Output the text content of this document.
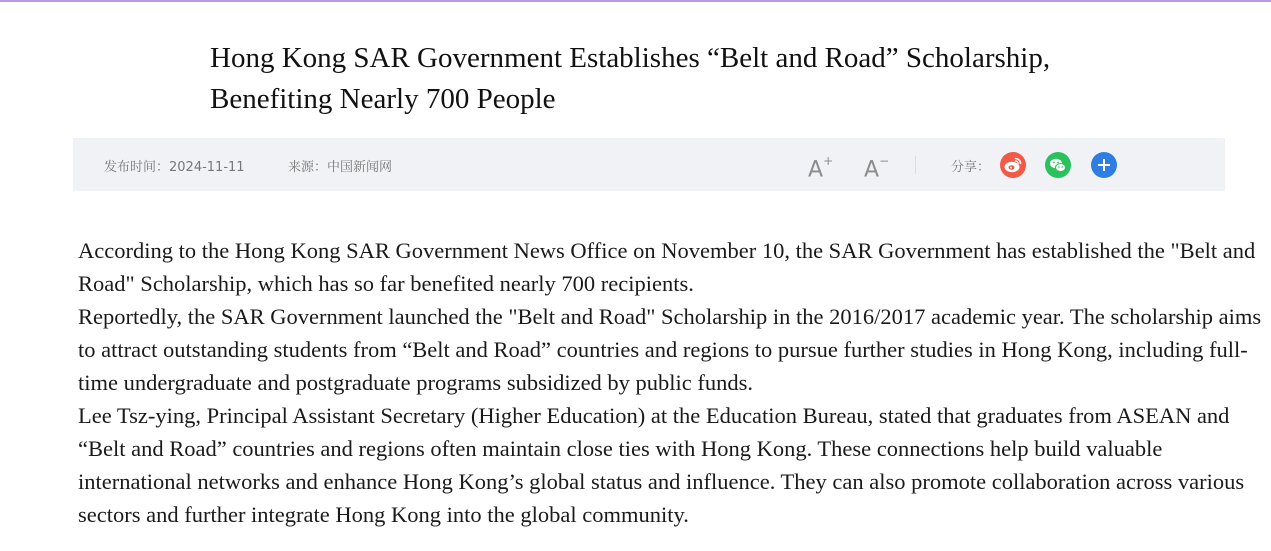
Hong Kong SAR Government Establishes “Belt and Road” Scholarship,
Benefiting Nearly 700 People
发布时间：2024-11-11	来源：中国新闻网	A+ A−	分享：

According to the Hong Kong SAR Government News Office on November 10, the SAR Government has established the "Belt and Road" Scholarship, which has so far benefited nearly 700 recipients.

Reportedly, the SAR Government launched the "Belt and Road" Scholarship in the 2016/2017 academic year. The scholarship aims to attract outstanding students from “Belt and Road” countries and regions to pursue further studies in Hong Kong, including full-time undergraduate and postgraduate programs subsidized by public funds.

Lee Tsz-ying, Principal Assistant Secretary (Higher Education) at the Education Bureau, stated that graduates from ASEAN and “Belt and Road” countries and regions often maintain close ties with Hong Kong. These connections help build valuable international networks and enhance Hong Kong’s global status and influence. They can also promote collaboration across various sectors and further integrate Hong Kong into the global community.
